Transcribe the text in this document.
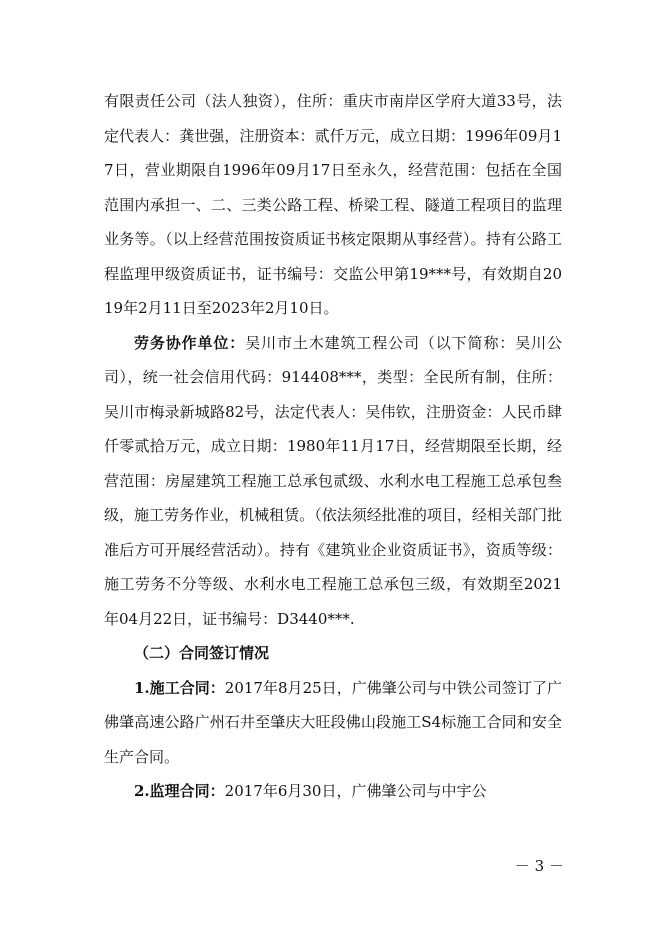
有限责任公司（法人独资），住所：重庆市南岸区学府大道33号，法定代表人：龚世强，注册资本：贰仟万元，成立日期：1996年09月17日，营业期限自1996年09月17日至永久，经营范围：包括在全国范围内承担一、二、三类公路工程、桥梁工程、隧道工程项目的监理业务等。（以上经营范围按资质证书核定限期从事经营）。持有公路工程监理甲级资质证书，证书编号：交监公甲第19***号，有效期自2019年2月11日至2023年2月10日。

劳务协作单位：吴川市土木建筑工程公司（以下简称：吴川公司），统一社会信用代码：914408***，类型：全民所有制，住所：吴川市梅录新城路82号，法定代表人：吴伟钦，注册资金：人民币肆仟零贰拾万元，成立日期：1980年11月17日，经营期限至长期，经营范围：房屋建筑工程施工总承包贰级、水利水电工程施工总承包叁级，施工劳务作业，机械租赁。（依法须经批准的项目，经相关部门批准后方可开展经营活动）。持有《建筑业企业资质证书》，资质等级：施工劳务不分等级、水利水电工程施工总承包三级，有效期至2021年04月22日，证书编号：D3440***.

（二）合同签订情况

1.施工合同：2017年8月25日，广佛肇公司与中铁公司签订了广佛肇高速公路广州石井至肇庆大旺段佛山段施工S4标施工合同和安全生产合同。

2.监理合同：2017年6月30日，广佛肇公司与中宇公

－ 3 －
